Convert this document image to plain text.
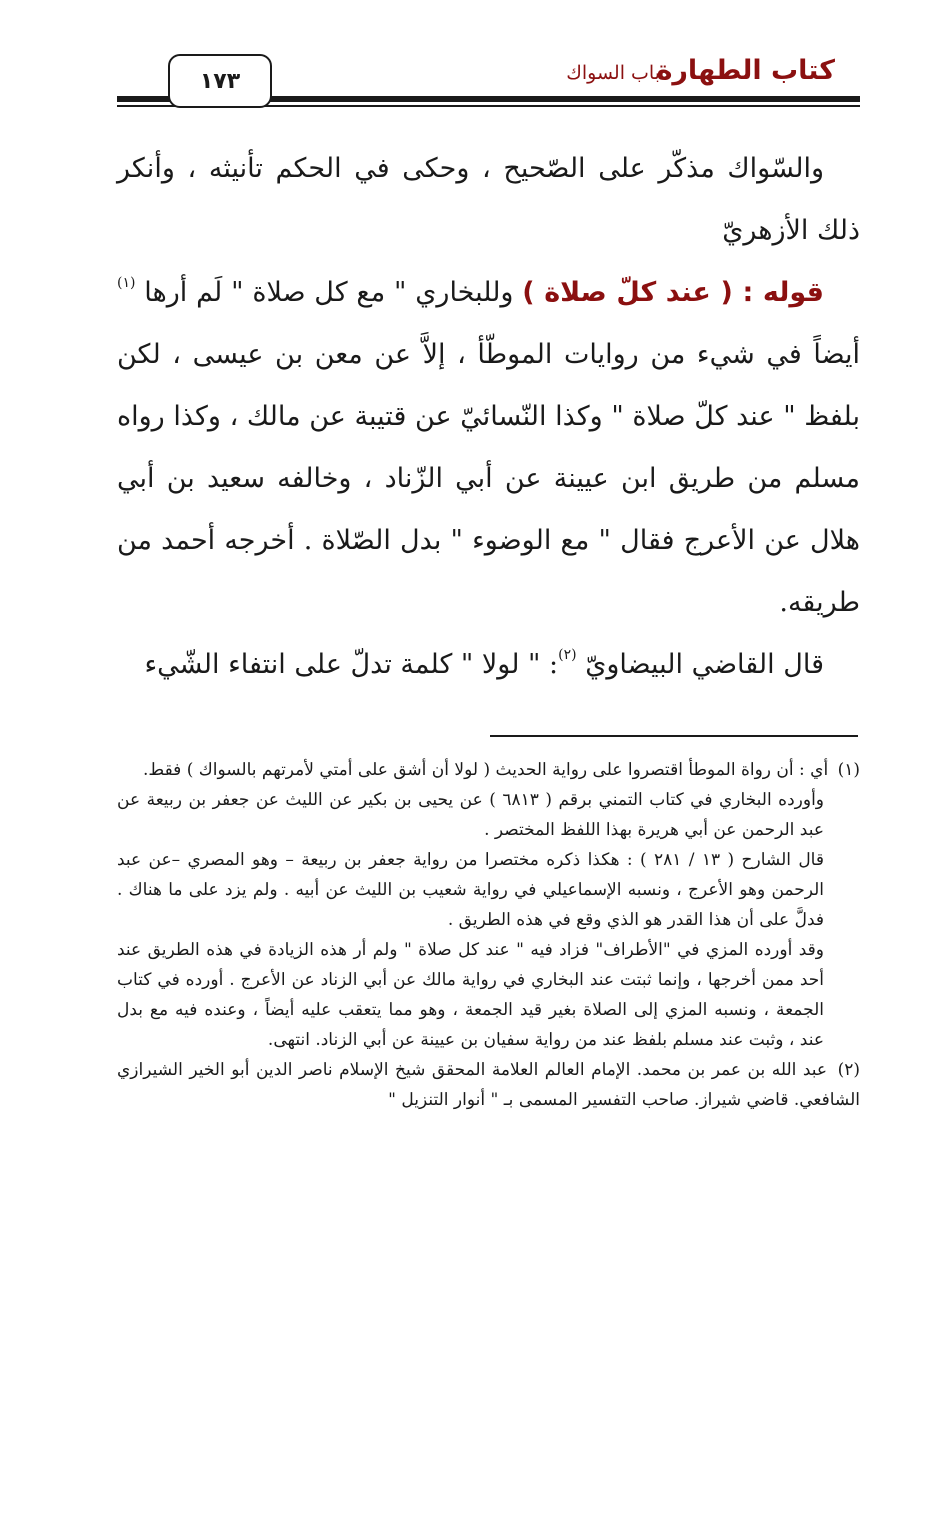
كتاب الطهارة
باب السواك
١٧٣

والسّواك مذكّر على الصّحيح ، وحكى في الحكم تأنيثه ، وأنكر ذلك الأزهريّ

قوله : ( عند كلّ صلاة ) وللبخاري " مع كل صلاة " لَم أرها $^{(١)}$ أيضاً في شيء من روايات الموطّأ ، إلاَّ عن معن بن عيسى ، لكن بلفظ " عند كلّ صلاة " وكذا النّسائيّ عن قتيبة عن مالك ، وكذا رواه مسلم من طريق ابن عيينة عن أبي الزّناد ، وخالفه سعيد بن أبي هلال عن الأعرج فقال " مع الوضوء " بدل الصّلاة . أخرجه أحمد من طريقه.

قال القاضي البيضاويّ $^{(٢)}$: " لولا " كلمة تدلّ على انتفاء الشّيء

(١) أي : أن رواة الموطأ اقتصروا على رواية الحديث ( لولا أن أشق على أمتي لأمرتهم بالسواك ) فقط.

وأورده البخاري في كتاب التمني برقم ( ٦٨١٣ ) عن يحيى بن بكير عن الليث عن جعفر بن ربيعة عن عبد الرحمن عن أبي هريرة بهذا اللفظ المختصر .

قال الشارح ( ١٣ / ٢٨١ ) : هكذا ذكره مختصرا من رواية جعفر بن ربيعة – وهو المصري –عن عبد الرحمن وهو الأعرج ، ونسبه الإسماعيلي في رواية شعيب بن الليث عن أبيه . ولم يزد على ما هناك . فدلَّ على أن هذا القدر هو الذي وقع في هذه الطريق .

وقد أورده المزي في "الأطراف" فزاد فيه " عند كل صلاة " ولم أر هذه الزيادة في هذه الطريق عند أحد ممن أخرجها ، وإنما ثبتت عند البخاري في رواية مالك عن أبي الزناد عن الأعرج . أورده في كتاب الجمعة ، ونسبه المزي إلى الصلاة بغير قيد الجمعة ، وهو مما يتعقب عليه أيضاً ، وعنده فيه مع بدل عند ، وثبت عند مسلم بلفظ عند من رواية سفيان بن عيينة عن أبي الزناد. انتهى.

(٢) عبد الله بن عمر بن محمد. الإمام العالم العلامة المحقق شيخ الإسلام ناصر الدين أبو الخير الشيرازي الشافعي. قاضي شيراز. صاحب التفسير المسمى بـ " أنوار التنزيل "
